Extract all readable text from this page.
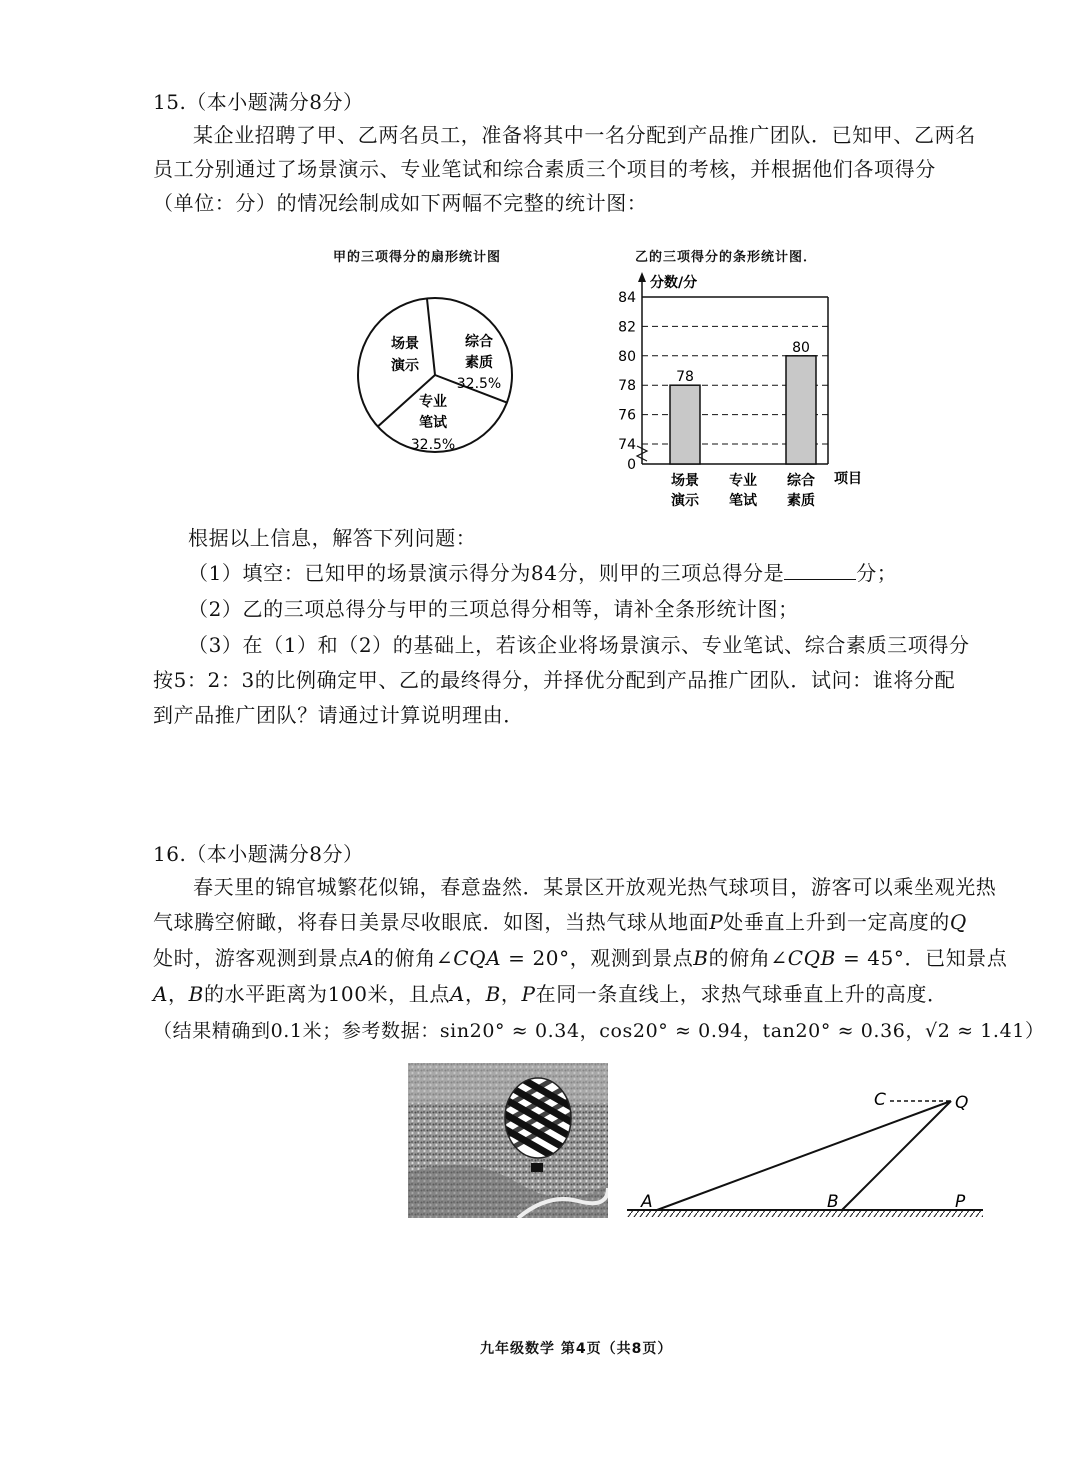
15.（本小题满分8分）
某企业招聘了甲、乙两名员工，准备将其中一名分配到产品推广团队．已知甲、乙两名
员工分别通过了场景演示、专业笔试和综合素质三个项目的考核，并根据他们各项得分
（单位：分）的情况绘制成如下两幅不完整的统计图：
甲的三项得分的扇形统计图
场景
演示
综合
素质
32.5%
专业
笔试
32.5%
乙的三项得分的条形统计图．
分数/分
74
76
78
80
82
84
0
78
80
场景
演示
专业
笔试
综合
素质
项目
根据以上信息，解答下列问题：
（1）填空：已知甲的场景演示得分为84分，则甲的三项总得分是	分；
（2）乙的三项总得分与甲的三项总得分相等，请补全条形统计图；
（3）在（1）和（2）的基础上，若该企业将场景演示、专业笔试、综合素质三项得分
按5：2：3的比例确定甲、乙的最终得分，并择优分配到产品推广团队．试问：谁将分配
到产品推广团队？请通过计算说明理由．
16.（本小题满分8分）
春天里的锦官城繁花似锦，春意盎然．某景区开放观光热气球项目，游客可以乘坐观光热
气球腾空俯瞰，将春日美景尽收眼底．如图，当热气球从地面P处垂直上升到一定高度的Q
处时，游客观测到景点A的俯角∠CQA = 20°，观测到景点B的俯角∠CQB = 45°．已知景点
A，B的水平距离为100米，且点A，B，P在同一条直线上，求热气球垂直上升的高度．
（结果精确到0.1米；参考数据：sin20° ≈ 0.34，cos20° ≈ 0.94，tan20° ≈ 0.36，√2 ≈ 1.41）
C	Q
A	B	P
九年级数学 第4页（共8页）
